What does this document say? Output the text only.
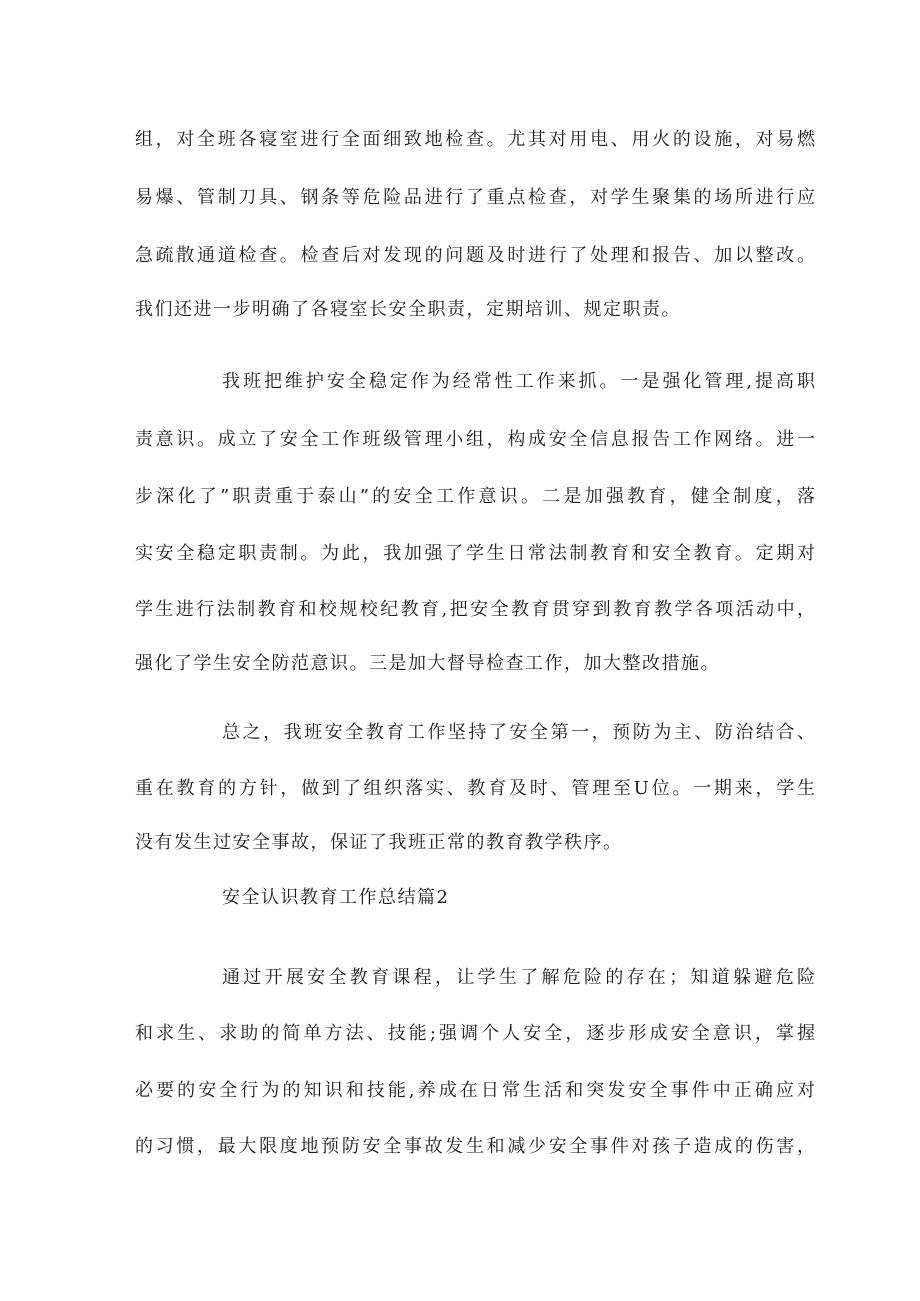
组，对全班各寝室进行全面细致地检查。尤其对用电、用火的设施，对易燃
易爆、管制刀具、钢条等危险品进行了重点检查，对学生聚集的场所进行应
急疏散通道检查。检查后对发现的问题及时进行了处理和报告、加以整改。
我们还进一步明确了各寝室长安全职责，定期培训、规定职责。
我班把维护安全稳定作为经常性工作来抓。一是强化管理,提高职
责意识。成立了安全工作班级管理小组，构成安全信息报告工作网络。进一
步深化了”职责重于泰山”的安全工作意识。二是加强教育，健全制度，落
实安全稳定职责制。为此，我加强了学生日常法制教育和安全教育。定期对
学生进行法制教育和校规校纪教育,把安全教育贯穿到教育教学各项活动中，
强化了学生安全防范意识。三是加大督导检查工作，加大整改措施。
总之，我班安全教育工作坚持了安全第一，预防为主、防治结合、
重在教育的方针，做到了组织落实、教育及时、管理至U位。一期来，学生
没有发生过安全事故，保证了我班正常的教育教学秩序。
安全认识教育工作总结篇2
通过开展安全教育课程，让学生了解危险的存在；知道躲避危险
和求生、求助的简单方法、技能;强调个人安全，逐步形成安全意识，掌握
必要的安全行为的知识和技能,养成在日常生活和突发安全事件中正确应对
的习惯，最大限度地预防安全事故发生和减少安全事件对孩子造成的伤害，
